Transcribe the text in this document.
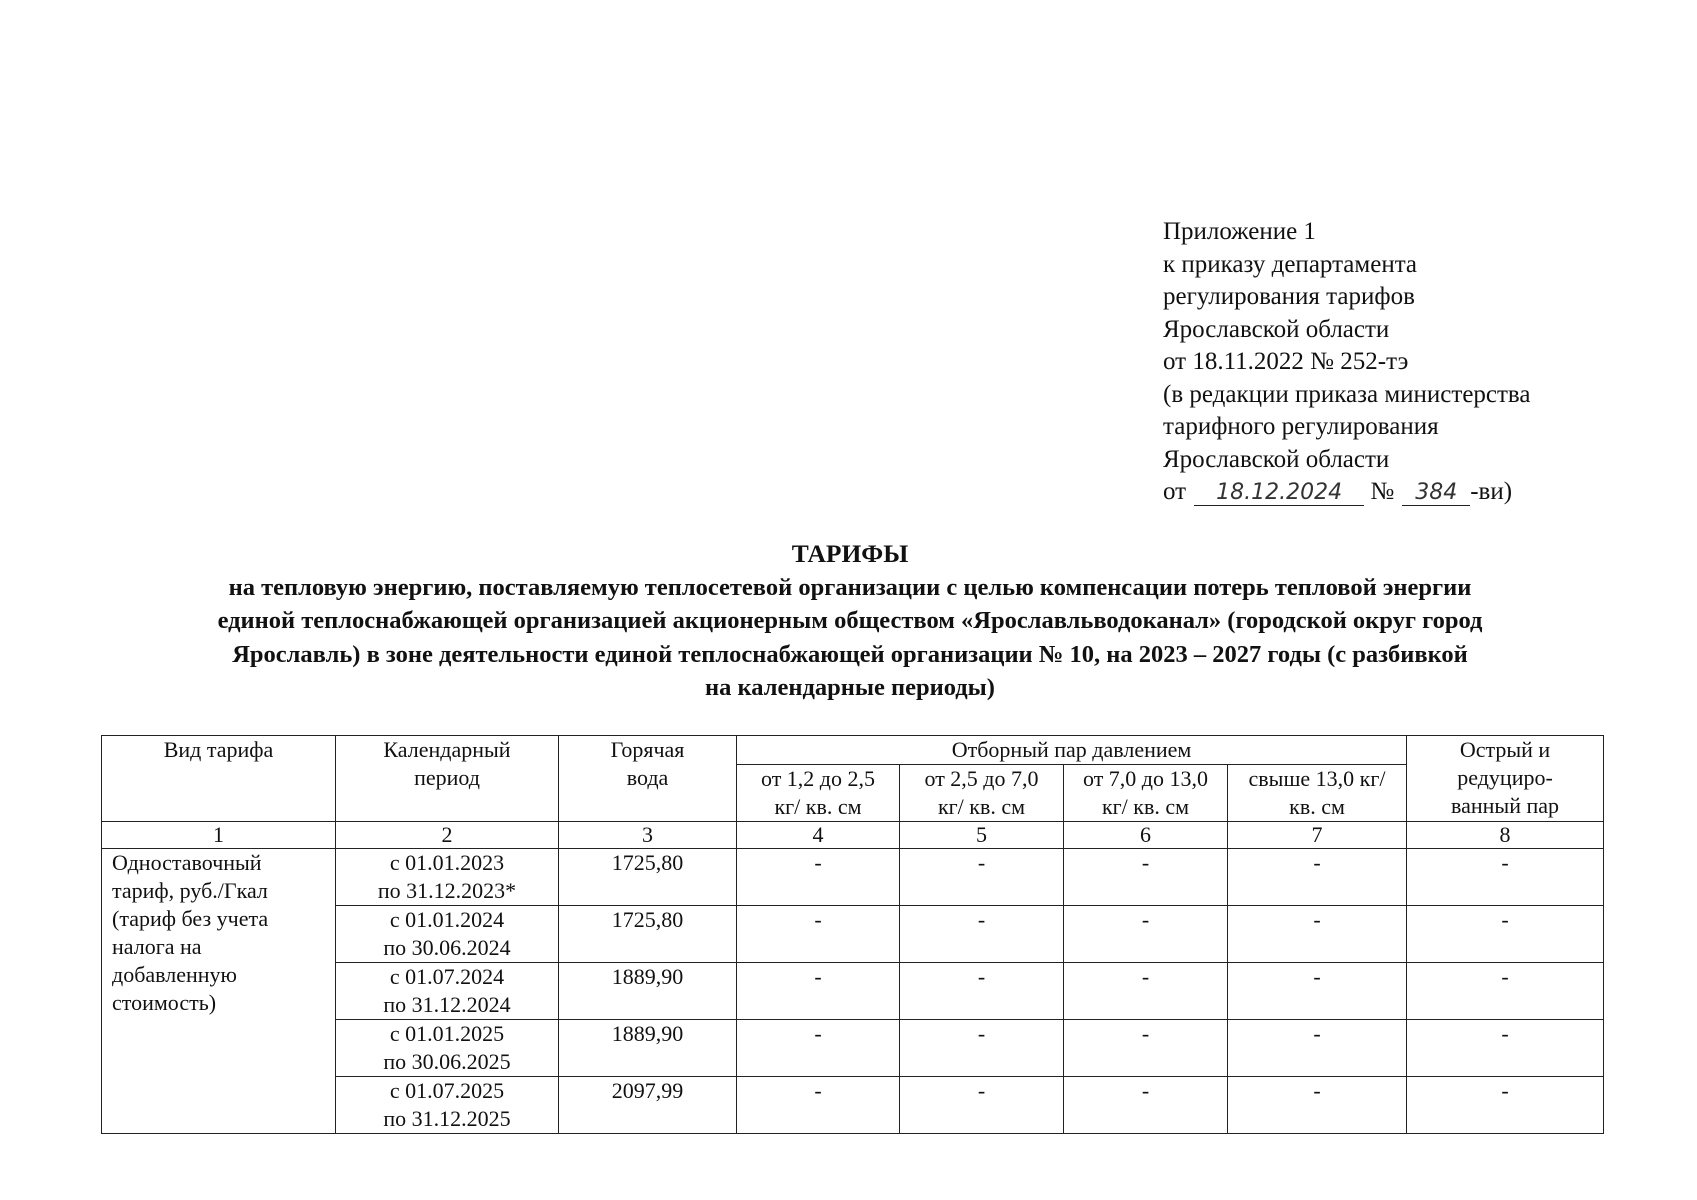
Приложение 1
к приказу департамента
регулирования тарифов
Ярославской области
от 18.11.2022 № 252-тэ
(в редакции приказа министерства
тарифного регулирования
Ярославской области
от 18.12.2024 № 384 -ви)
ТАРИФЫ
на тепловую энергию, поставляемую теплосетевой организации с целью компенсации потерь тепловой энергии
единой теплоснабжающей организацией акционерным обществом «Ярославльводоканал» (городской округ город
Ярославль) в зоне деятельности единой теплоснабжающей организации № 10, на 2023 – 2027 годы (с разбивкой
на календарные периоды)
Вид тарифа	Календарный период	Горячая вода	Отборный пар давлением				Острый и редуциро-ванный пар
			от 1,2 до 2,5 кг/ кв. см	от 2,5 до 7,0 кг/ кв. см	от 7,0 до 13,0 кг/ кв. см	свыше 13,0 кг/ кв. см	
1	2	3	4	5	6	7	8
Одноставочный тариф, руб./Гкал (тариф без учета налога на добавленную стоимость)	с 01.01.2023
по 31.12.2023*	1725,80	-	-	-	-	-

	с 01.01.2024
по 30.06.2024	1725,80	-	-	-	-	-

	с 01.07.2024
по 31.12.2024	1889,90	-	-	-	-	-

	с 01.01.2025
по 30.06.2025	1889,90	-	-	-	-	-

	с 01.07.2025
по 31.12.2025	2097,99	-	-	-	-	-
